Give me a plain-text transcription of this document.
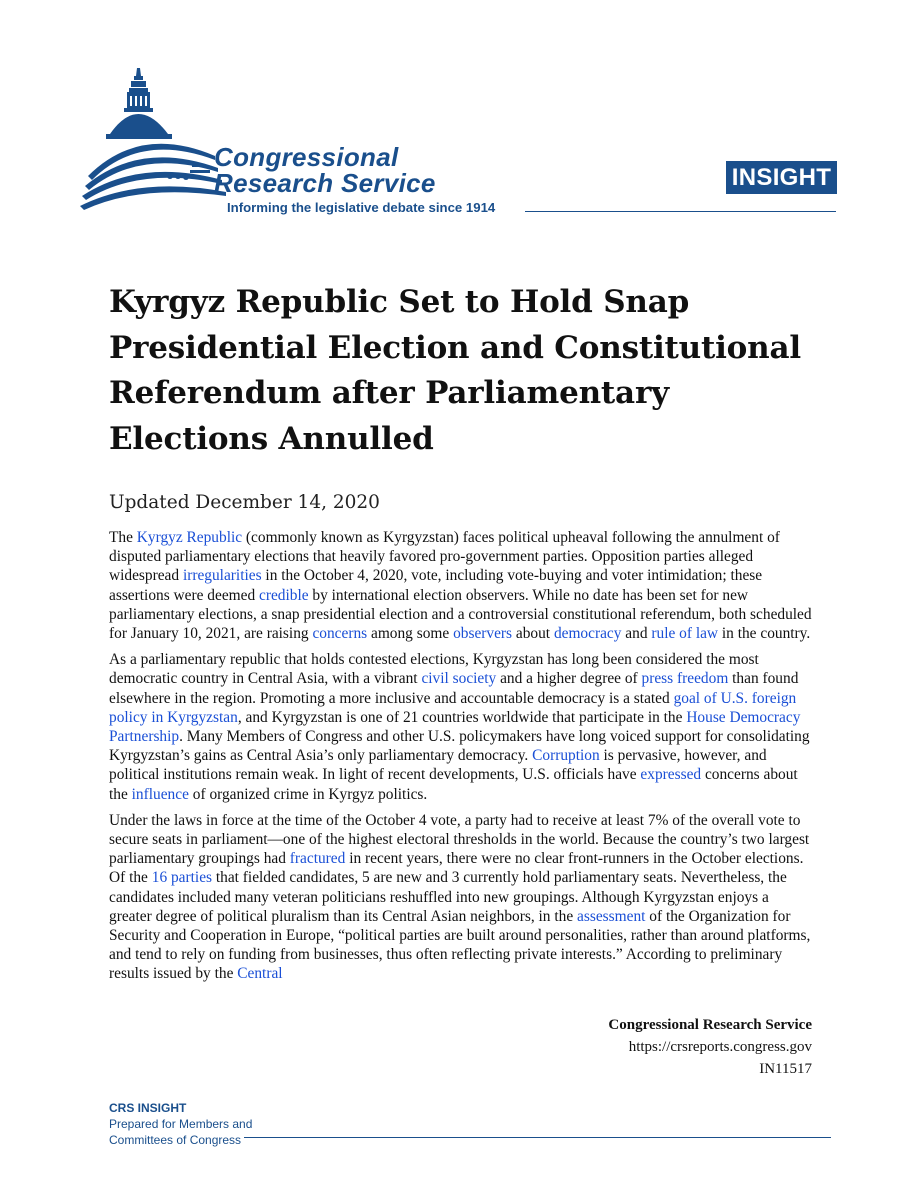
Congressional
Research Service
Informing the legislative debate since 1914
INSIGHT
Kyrgyz Republic Set to Hold Snap Presidential Election and Constitutional Referendum after Parliamentary Elections Annulled
Updated December 14, 2020

The Kyrgyz Republic (commonly known as Kyrgyzstan) faces political upheaval following the annulment of disputed parliamentary elections that heavily favored pro-government parties. Opposition parties alleged widespread irregularities in the October 4, 2020, vote, including vote-buying and voter intimidation; these assertions were deemed credible by international election observers. While no date has been set for new parliamentary elections, a snap presidential election and a controversial constitutional referendum, both scheduled for January 10, 2021, are raising concerns among some observers about democracy and rule of law in the country.

As a parliamentary republic that holds contested elections, Kyrgyzstan has long been considered the most democratic country in Central Asia, with a vibrant civil society and a higher degree of press freedom than found elsewhere in the region. Promoting a more inclusive and accountable democracy is a stated goal of U.S. foreign policy in Kyrgyzstan, and Kyrgyzstan is one of 21 countries worldwide that participate in the House Democracy Partnership. Many Members of Congress and other U.S. policymakers have long voiced support for consolidating Kyrgyzstan’s gains as Central Asia’s only parliamentary democracy. Corruption is pervasive, however, and political institutions remain weak. In light of recent developments, U.S. officials have expressed concerns about the influence of organized crime in Kyrgyz politics.

Under the laws in force at the time of the October 4 vote, a party had to receive at least 7% of the overall vote to secure seats in parliament—one of the highest electoral thresholds in the world. Because the country’s two largest parliamentary groupings had fractured in recent years, there were no clear front-runners in the October elections. Of the 16 parties that fielded candidates, 5 are new and 3 currently hold parliamentary seats. Nevertheless, the candidates included many veteran politicians reshuffled into new groupings. Although Kyrgyzstan enjoys a greater degree of political pluralism than its Central Asian neighbors, in the assessment of the Organization for Security and Cooperation in Europe, “political parties are built around personalities, rather than around platforms, and tend to rely on funding from businesses, thus often reflecting private interests.” According to preliminary results issued by the Central

Congressional Research Service
https://crsreports.congress.gov
IN11517
CRS INSIGHT
Prepared for Members and
Committees of Congress
